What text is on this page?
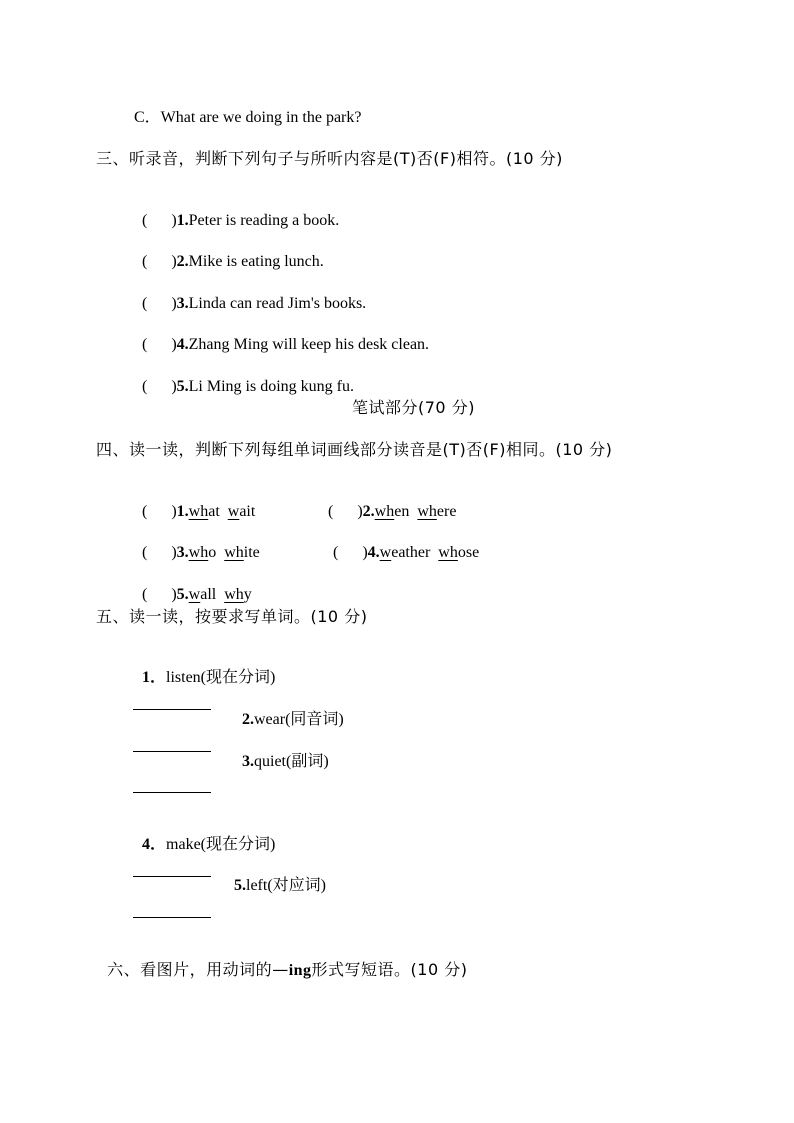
C．What are we doing in the park?
三、听录音，判断下列句子与所听内容是(T)否(F)相符。(10 分)

(      )1.Peter is reading a book.

(      )2.Mike is eating lunch.

(      )3.Linda can read Jim's books.

(      )4.Zhang Ming will keep his desk clean.

(      )5.Li Ming is doing kung fu.

笔试部分(70 分)
四、读一读，判断下列每组单词画线部分读音是(T)否(F)相同。(10 分)

(      )1.what wait	(      )2.when where

(      )3.who white	(      )4.weather whose

(      )5.wall why

五、读一读，按要求写单词。(10 分)

1．listen(现在分词)

2.wear(同音词)

3.quiet(副词)

4．make(现在分词)

5.left(对应词)

六、看图片，用动词的—ing形式写短语。(10 分)
